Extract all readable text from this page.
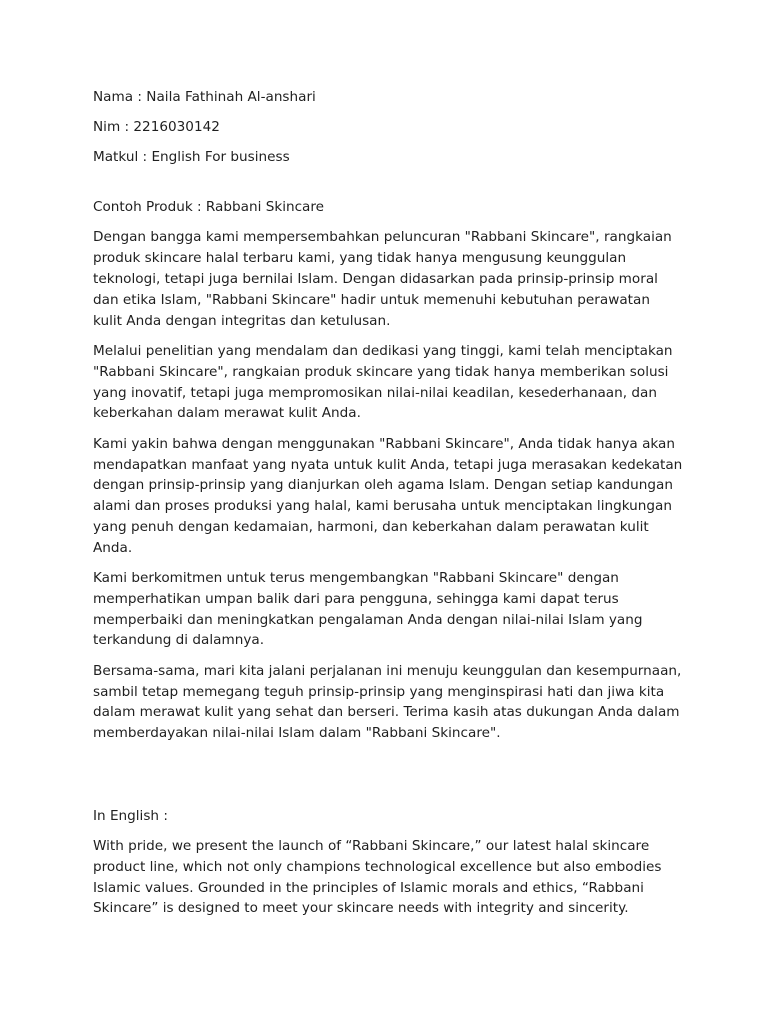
Nama : Naila Fathinah Al-anshari

Nim : 2216030142

Matkul : English For business

Contoh Produk : Rabbani Skincare

Dengan bangga kami mempersembahkan peluncuran "Rabbani Skincare", rangkaian produk skincare halal terbaru kami, yang tidak hanya mengusung keunggulan teknologi, tetapi juga bernilai Islam. Dengan didasarkan pada prinsip-prinsip moral dan etika Islam, "Rabbani Skincare" hadir untuk memenuhi kebutuhan perawatan kulit Anda dengan integritas dan ketulusan.

Melalui penelitian yang mendalam dan dedikasi yang tinggi, kami telah menciptakan "Rabbani Skincare", rangkaian produk skincare yang tidak hanya memberikan solusi yang inovatif, tetapi juga mempromosikan nilai-nilai keadilan, kesederhanaan, dan keberkahan dalam merawat kulit Anda.

Kami yakin bahwa dengan menggunakan "Rabbani Skincare", Anda tidak hanya akan mendapatkan manfaat yang nyata untuk kulit Anda, tetapi juga merasakan kedekatan dengan prinsip-prinsip yang dianjurkan oleh agama Islam. Dengan setiap kandungan alami dan proses produksi yang halal, kami berusaha untuk menciptakan lingkungan yang penuh dengan kedamaian, harmoni, dan keberkahan dalam perawatan kulit Anda.

Kami berkomitmen untuk terus mengembangkan "Rabbani Skincare" dengan memperhatikan umpan balik dari para pengguna, sehingga kami dapat terus memperbaiki dan meningkatkan pengalaman Anda dengan nilai-nilai Islam yang terkandung di dalamnya.

Bersama-sama, mari kita jalani perjalanan ini menuju keunggulan dan kesempurnaan, sambil tetap memegang teguh prinsip-prinsip yang menginspirasi hati dan jiwa kita dalam merawat kulit yang sehat dan berseri. Terima kasih atas dukungan Anda dalam memberdayakan nilai-nilai Islam dalam "Rabbani Skincare".

In English :

With pride, we present the launch of “Rabbani Skincare,” our latest halal skincare product line, which not only champions technological excellence but also embodies Islamic values. Grounded in the principles of Islamic morals and ethics, “Rabbani Skincare” is designed to meet your skincare needs with integrity and sincerity.
